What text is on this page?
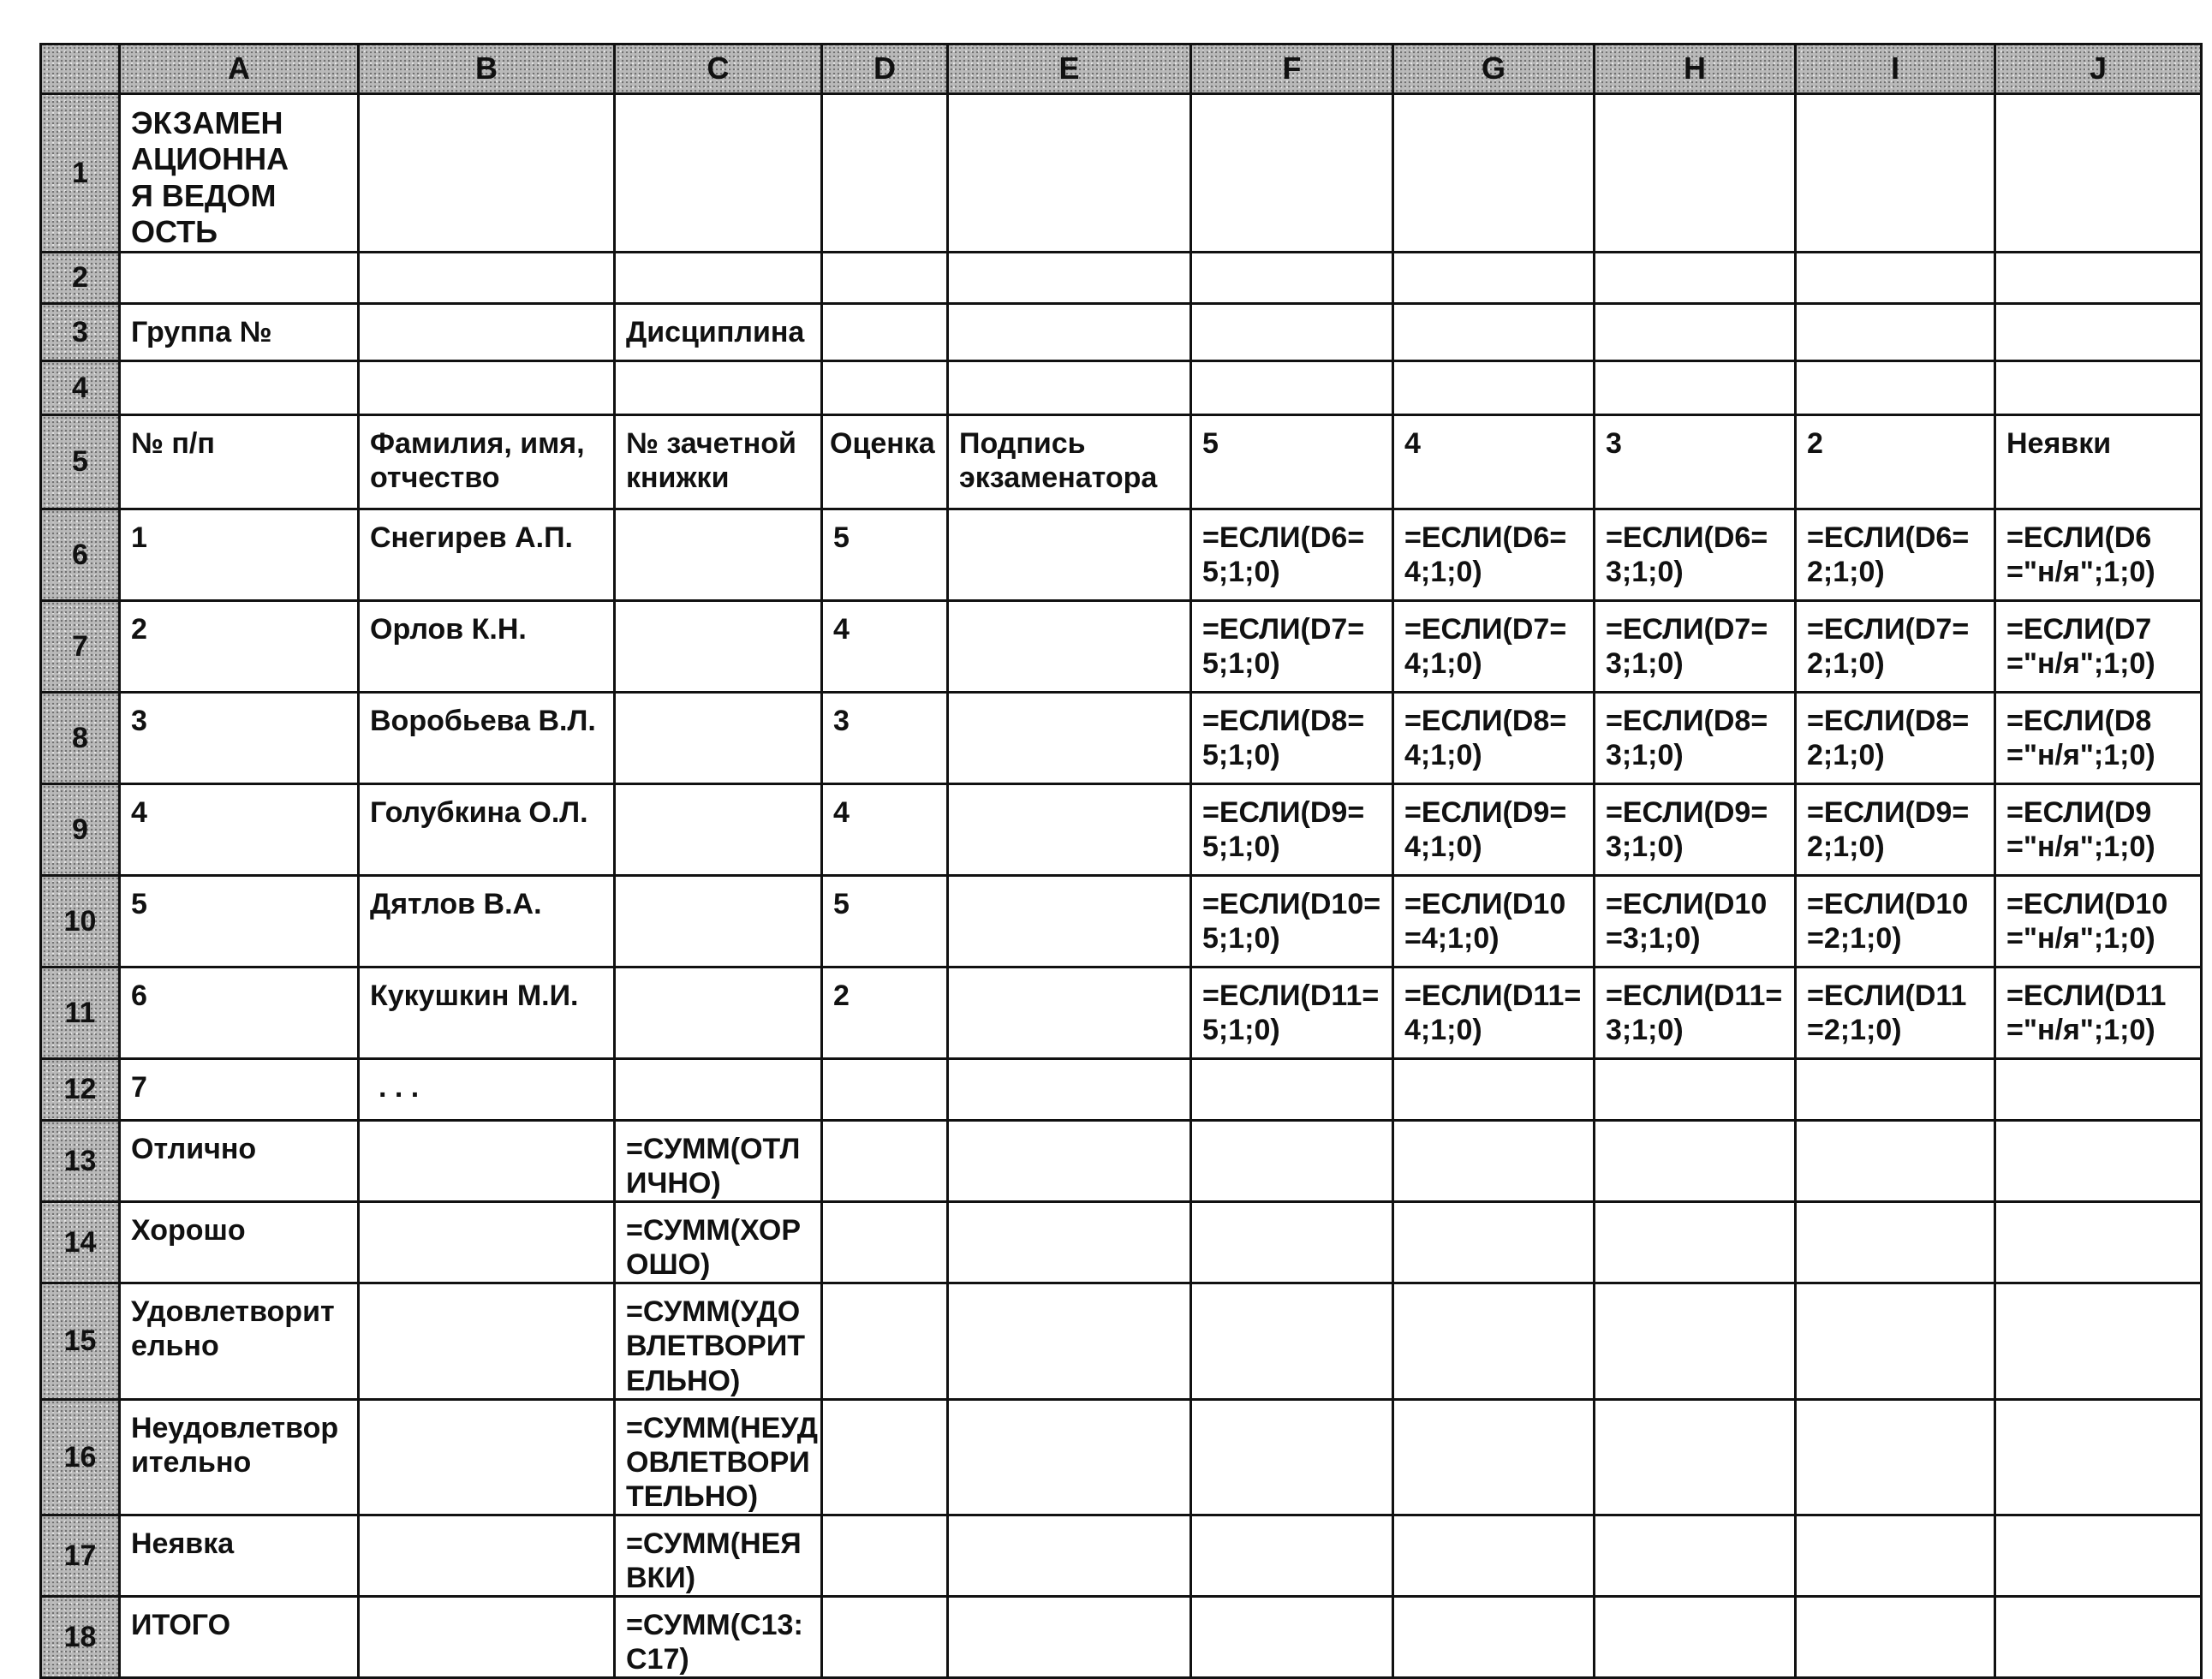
	A	B	C	D	E	F	G	H	I	J
1	ЭКЗАМЕНАЦИОННАЯ ВЕДОМОСТЬ									
2										
3	Группа №		Дисциплина							
4										
5	№ п/п	Фамилия, имя, отчество	№ зачетной книжки	Оценка	Подпись экзаменатора	5	4	3	2	Неявки
6	1	Снегирев А.П.		5		=ЕСЛИ(D6=5;1;0)	=ЕСЛИ(D6=4;1;0)	=ЕСЛИ(D6=3;1;0)	=ЕСЛИ(D6=2;1;0)	=ЕСЛИ(D6="н/я";1;0)
7	2	Орлов К.Н.		4		=ЕСЛИ(D7=5;1;0)	=ЕСЛИ(D7=4;1;0)	=ЕСЛИ(D7=3;1;0)	=ЕСЛИ(D7=2;1;0)	=ЕСЛИ(D7="н/я";1;0)
8	3	Воробьева В.Л.		3		=ЕСЛИ(D8=5;1;0)	=ЕСЛИ(D8=4;1;0)	=ЕСЛИ(D8=3;1;0)	=ЕСЛИ(D8=2;1;0)	=ЕСЛИ(D8="н/я";1;0)
9	4	Голубкина О.Л.		4		=ЕСЛИ(D9=5;1;0)	=ЕСЛИ(D9=4;1;0)	=ЕСЛИ(D9=3;1;0)	=ЕСЛИ(D9=2;1;0)	=ЕСЛИ(D9="н/я";1;0)
10	5	Дятлов В.А.		5		=ЕСЛИ(D10=5;1;0)	=ЕСЛИ(D10=4;1;0)	=ЕСЛИ(D10=3;1;0)	=ЕСЛИ(D10=2;1;0)	=ЕСЛИ(D10="н/я";1;0)
11	6	Кукушкин М.И.		2		=ЕСЛИ(D11=5;1;0)	=ЕСЛИ(D11=4;1;0)	=ЕСЛИ(D11=3;1;0)	=ЕСЛИ(D11=2;1;0)	=ЕСЛИ(D11="н/я";1;0)
12	7	. . .								
13	Отлично		=СУММ(ОТЛИЧНО)							
14	Хорошо		=СУММ(ХОРОШО)							
15	Удовлетворительно		=СУММ(УДОВЛЕТВОРИТЕЛЬНО)							
16	Неудовлетворительно		=СУММ(НЕУДОВЛЕТВОРИТЕЛЬНО)							
17	Неявка		=СУММ(НЕЯВКИ)							
18	ИТОГО		=СУММ(C13:C17)							
